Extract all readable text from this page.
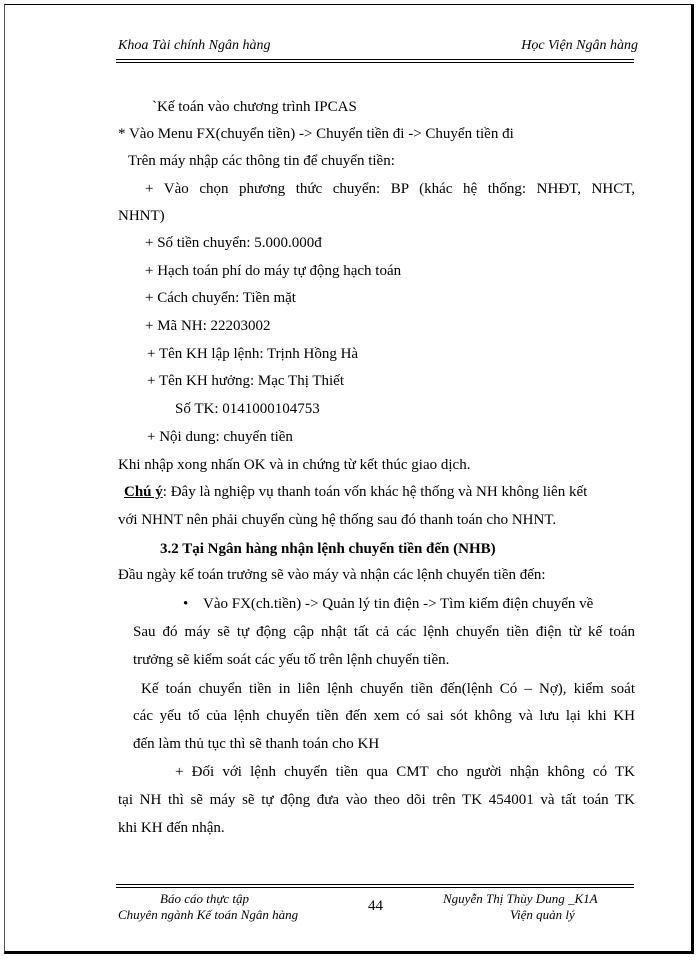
Khoa Tài chính Ngân hàng	Học Viện Ngân hàng
`Kế toán vào chương trình IPCAS
* Vào Menu FX(chuyển tiền) -> Chuyển tiền đi -> Chuyển tiền đi
Trên máy nhập các thông tin để chuyển tiền:
+ Vào chọn phương thức chuyển: BP (khác hệ thống: NHĐT, NHCT,
NHNT)
+ Số tiền chuyển: 5.000.000đ
+ Hạch toán phí do máy tự động hạch toán
+ Cách chuyển: Tiền mặt
+ Mã NH: 22203002
+ Tên KH lập lệnh: Trịnh Hồng Hà
+ Tên KH hưởng: Mạc Thị Thiết
Số TK: 0141000104753
+ Nội dung: chuyển tiền
Khi nhập xong nhấn OK và in chứng từ kết thúc giao dịch.
Chú ý: Đây là nghiệp vụ thanh toán vốn khác hệ thống và NH không liên kết
với NHNT nên phải chuyển cùng hệ thống sau đó thanh toán cho NHNT.
3.2 Tại Ngân hàng nhận lệnh chuyển tiền đến (NHB)
Đầu ngày kế toán trưởng sẽ vào máy và nhận các lệnh chuyển tiền đến:
• Vào FX(ch.tiền) -> Quản lý tin điện -> Tìm kiếm điện chuyển về
Sau đó máy sẽ tự động cập nhật tất cả các lệnh chuyển tiền điện từ kế toán
trưởng sẽ kiểm soát các yếu tố trên lệnh chuyển tiền.
Kế toán chuyển tiền in liên lệnh chuyển tiền đến(lệnh Có – Nợ), kiểm soát
các yếu tố của lệnh chuyển tiền đến xem có sai sót không và lưu lại khi KH
đến làm thủ tục thì sẽ thanh toán cho KH
+ Đối với lệnh chuyển tiền qua CMT cho người nhận không có TK
tại NH thì sẽ máy sẽ tự động đưa vào theo dõi trên TK 454001 và tất toán TK
khi KH đến nhận.
Báo cáo thực tập
Chuyên ngành Kế toán Ngân hàng
44	Nguyễn Thị Thùy Dung _K1A
Viện quản lý
